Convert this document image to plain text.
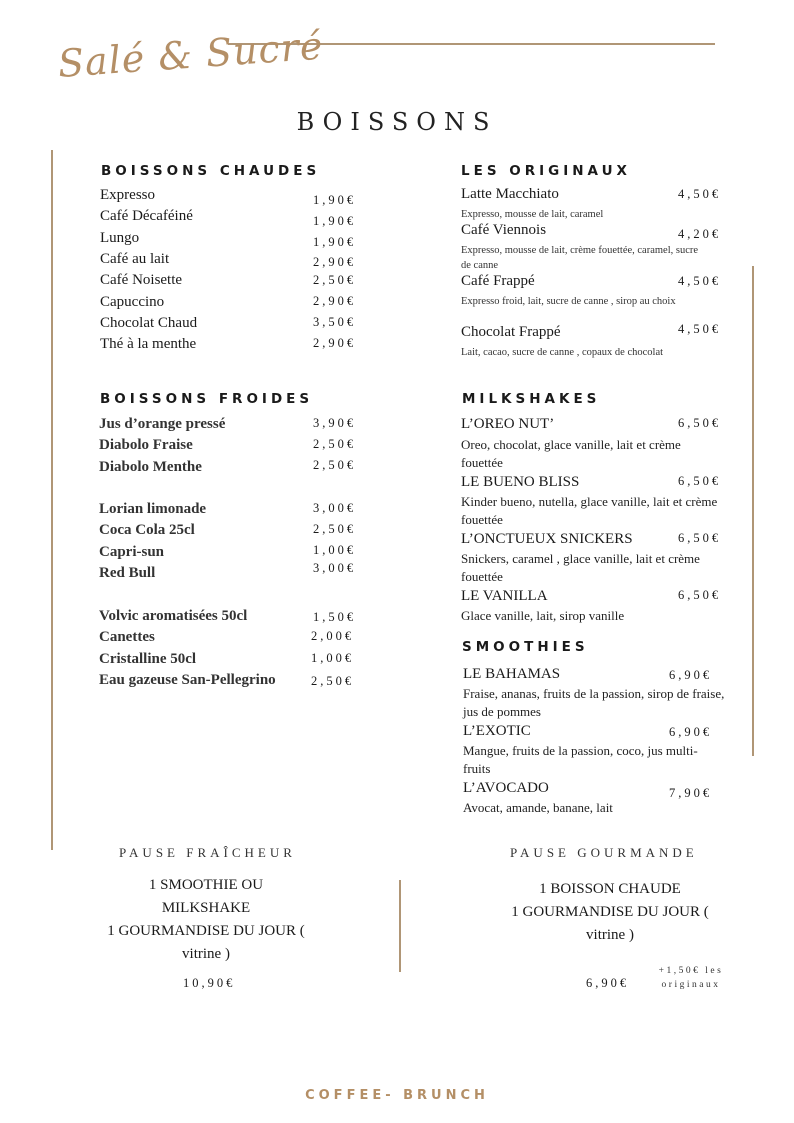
Salé & Sucré
BOISSONS
BOISSONS CHAUDES
Expresso	1,90€
Café Décaféiné	1,90€
Lungo	1,90€
Café au lait	2,90€
Café Noisette	2,50€
Capuccino	2,90€
Chocolat Chaud	3,50€
Thé à la menthe	2,90€
BOISSONS FROIDES
Jus d’orange pressé	3,90€
Diabolo Fraise	2,50€
Diabolo Menthe	2,50€
Lorian limonade	3,00€
Coca Cola 25cl	2,50€
Capri-sun	1,00€
Red Bull	3,00€
Volvic aromatisées 50cl	1,50€
Canettes	2,00€
Cristalline 50cl	1,00€
Eau gazeuse San-Pellegrino	2,50€
LES ORIGINAUX
Latte Macchiato	4,50€
Expresso, mousse de lait, caramel
Café Viennois	4,20€
Expresso, mousse de lait, crème fouettée, caramel, sucre de canne
Café Frappé	4,50€
Expresso froid, lait, sucre de canne , sirop au choix
Chocolat Frappé	4,50€
Lait, cacao, sucre de canne , copaux de chocolat
MILKSHAKES
L’OREO NUT’	6,50€
Oreo, chocolat, glace vanille, lait et crème fouettée
LE BUENO BLISS	6,50€
Kinder bueno, nutella, glace vanille, lait et crème fouettée
L’ONCTUEUX SNICKERS	6,50€
Snickers, caramel , glace vanille, lait et crème fouettée
LE VANILLA	6,50€
Glace vanille, lait, sirop vanille
SMOOTHIES
LE BAHAMAS	6,90€
Fraise, ananas, fruits de la passion, sirop de fraise, jus de pommes
L’EXOTIC	6,90€
Mangue, fruits de la passion, coco, jus multi-fruits
L’AVOCADO	7,90€
Avocat, amande, banane, lait
PAUSE FRAÎCHEUR
1 SMOOTHIE OU
MILKSHAKE
1 GOURMANDISE DU JOUR (
vitrine )
10,90€
PAUSE GOURMANDE
1 BOISSON CHAUDE
1 GOURMANDISE DU JOUR (
vitrine )
6,90€
+1,50€ les
originaux
COFFEE- BRUNCH
